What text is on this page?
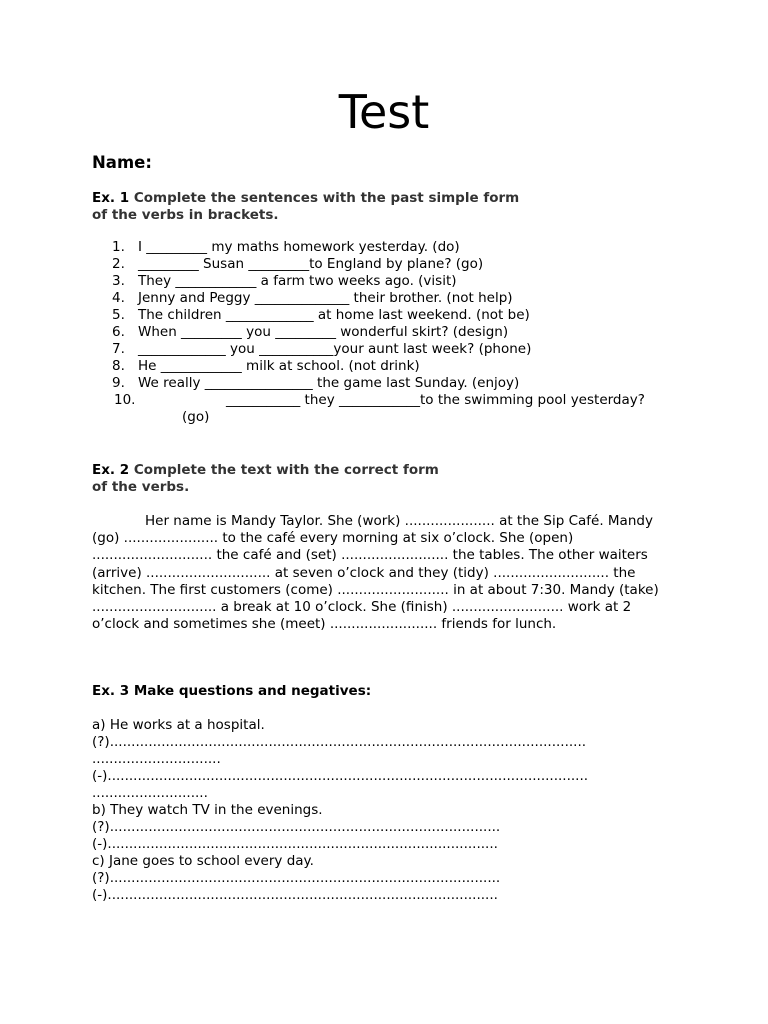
Test
Name:
Ex. 1 Complete the sentences with the past simple form
of the verbs in brackets.
1. I _________ my maths homework yesterday. (do)
2. _________ Susan _________to England by plane? (go)
3. They ____________ a farm two weeks ago. (visit)
4. Jenny and Peggy ______________ their brother. (not help)
5. The children _____________ at home last weekend. (not be)
6. When _________ you _________ wonderful skirt? (design)
7. _____________ you ___________your aunt last week? (phone)
8. He ____________ milk at school. (not drink)
9. We really ________________ the game last Sunday. (enjoy)
10.	___________ they ____________to the swimming pool yesterday? (go)
Ex. 2 Complete the text with the correct form
of the verbs.
Her name is Mandy Taylor. She (work) ..................... at the Sip Café. Mandy (go) ...................... to the café every morning at six o’clock. She (open) ............................ the café and (set) ......................... the tables. The other waiters (arrive) ............................. at seven o’clock and they (tidy) ........................... the kitchen. The first customers (come) .......................... in at about 7:30. Mandy (take) ............................. a break at 10 o’clock. She (finish) .......................... work at 2 o’clock and sometimes she (meet) ......................... friends for lunch.
Ex. 3 Make questions and negatives:
a) He works at a hospital.
(?)...............................................................................................................
..............................
(-)................................................................................................................
...........................
b) They watch TV in the evenings.
(?)...........................................................................................
(-)...........................................................................................
c) Jane goes to school every day.
(?)...........................................................................................
(-)...........................................................................................
